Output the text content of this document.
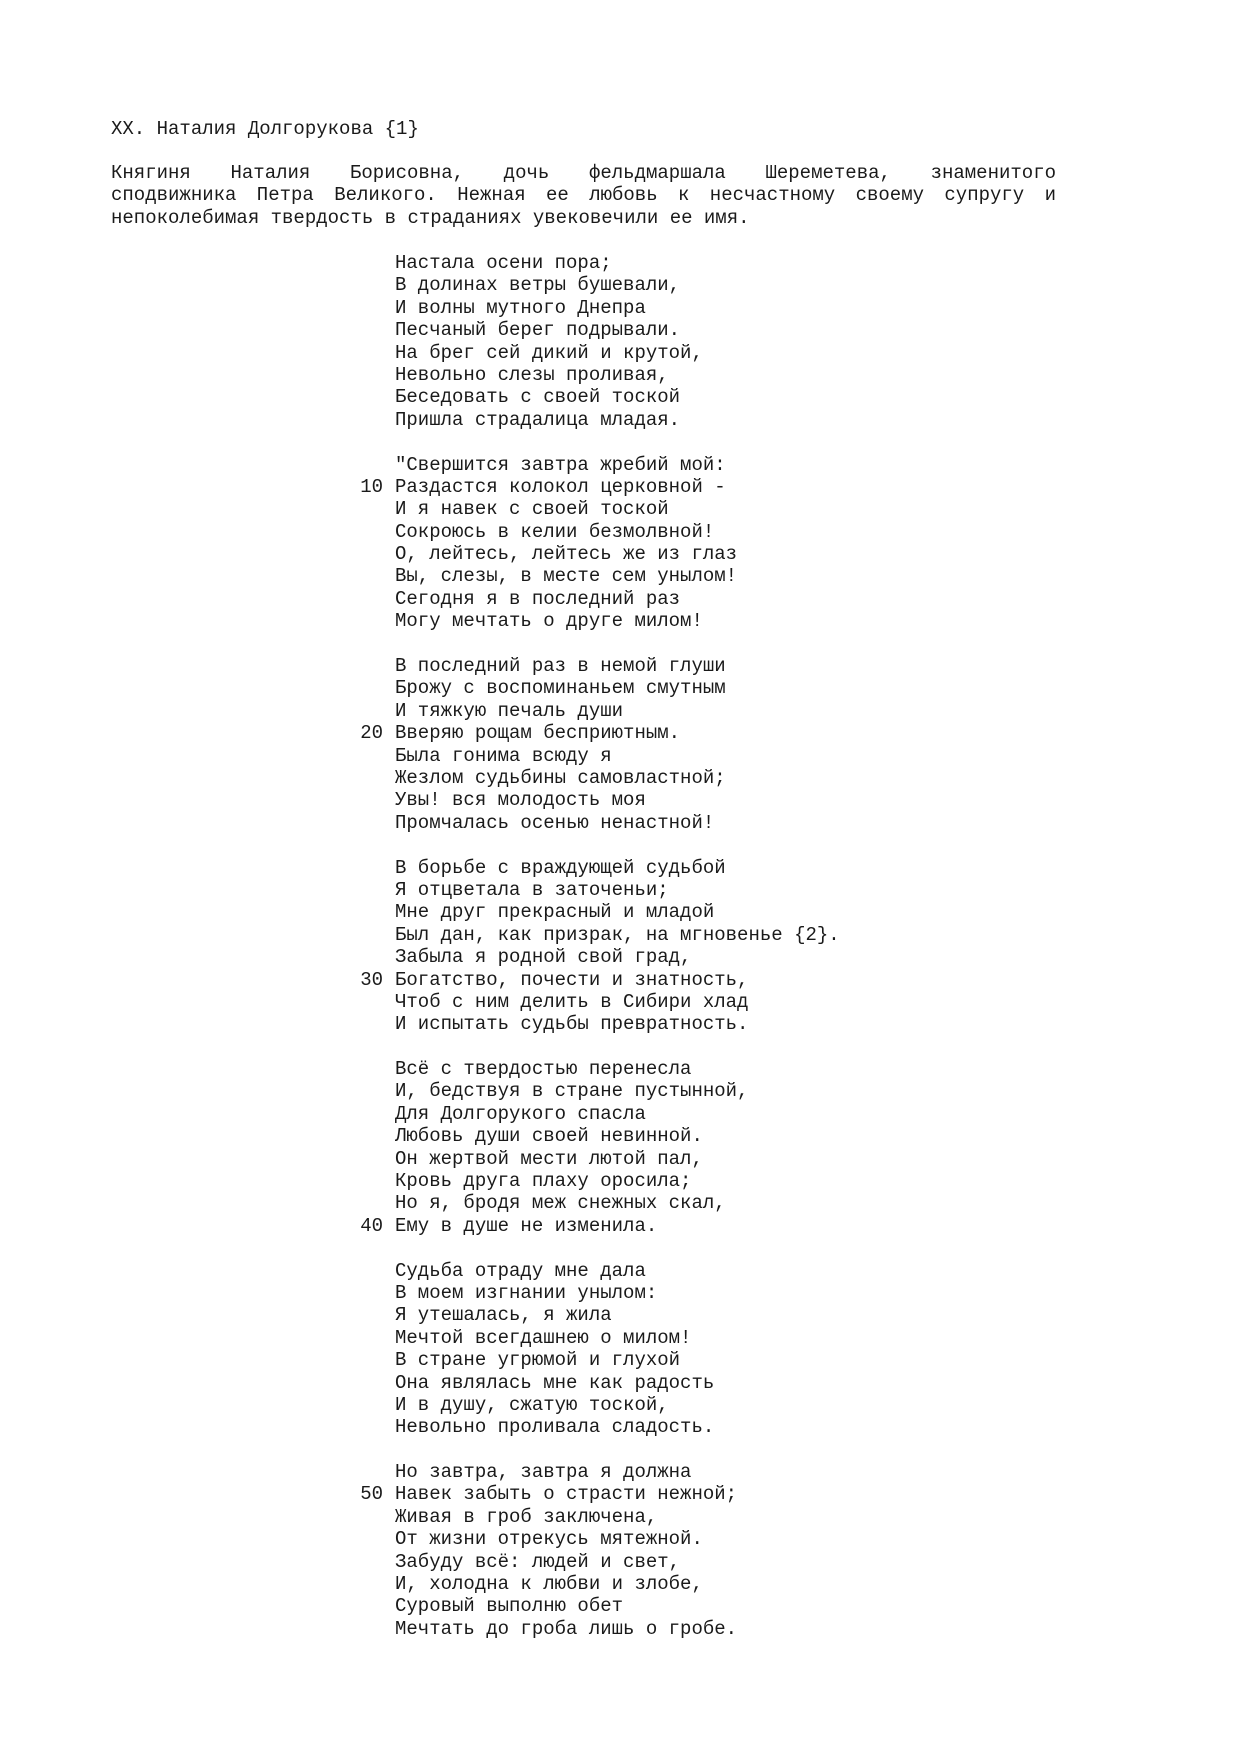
XX. Наталия Долгорукова {1}
Княгиня Наталия Борисовна, дочь фельдмаршала Шереметева, знаменитого
сподвижника Петра Великого. Нежная ее любовь к несчастному своему супругу и
непоколебимая твердость в страданиях увековечили ее имя.
Настала осени пора;
В долинах ветры бушевали,
И волны мутного Днепра
Песчаный берег подрывали.
На брег сей дикий и крутой,
Невольно слезы проливая,
Беседовать с своей тоской
Пришла страдалица младая.
"Свершится завтра жребий мой:
Раздастся колокол церковной -
10
И я навек с своей тоской
Сокроюсь в келии безмолвной!
О, лейтесь, лейтесь же из глаз
Вы, слезы, в месте сем унылом!
Сегодня я в последний раз
Могу мечтать о друге милом!
В последний раз в немой глуши
Брожу с воспоминаньем смутным
И тяжкую печаль души
Вверяю рощам бесприютным.
20
Была гонима всюду я
Жезлом судьбины самовластной;
Увы! вся молодость моя
Промчалась осенью ненастной!
В борьбе с враждующей судьбой
Я отцветала в заточеньи;
Мне друг прекрасный и младой
Был дан, как призрак, на мгновенье {2}.
Забыла я родной свой град,
Богатство, почести и знатность,
30
Чтоб с ним делить в Сибири хлад
И испытать судьбы превратность.
Всё с твердостью перенесла
И, бедствуя в стране пустынной,
Для Долгорукого спасла
Любовь души своей невинной.
Он жертвой мести лютой пал,
Кровь друга плаху оросила;
Но я, бродя меж снежных скал,
Ему в душе не изменила.
40
Судьба отраду мне дала
В моем изгнании унылом:
Я утешалась, я жила
Мечтой всегдашнею о милом!
В стране угрюмой и глухой
Она являлась мне как радость
И в душу, сжатую тоской,
Невольно проливала сладость.
Но завтра, завтра я должна
Навек забыть о страсти нежной;
50
Живая в гроб заключена,
От жизни отрекусь мятежной.
Забуду всё: людей и свет,
И, холодна к любви и злобе,
Суровый выполню обет
Мечтать до гроба лишь о гробе.
